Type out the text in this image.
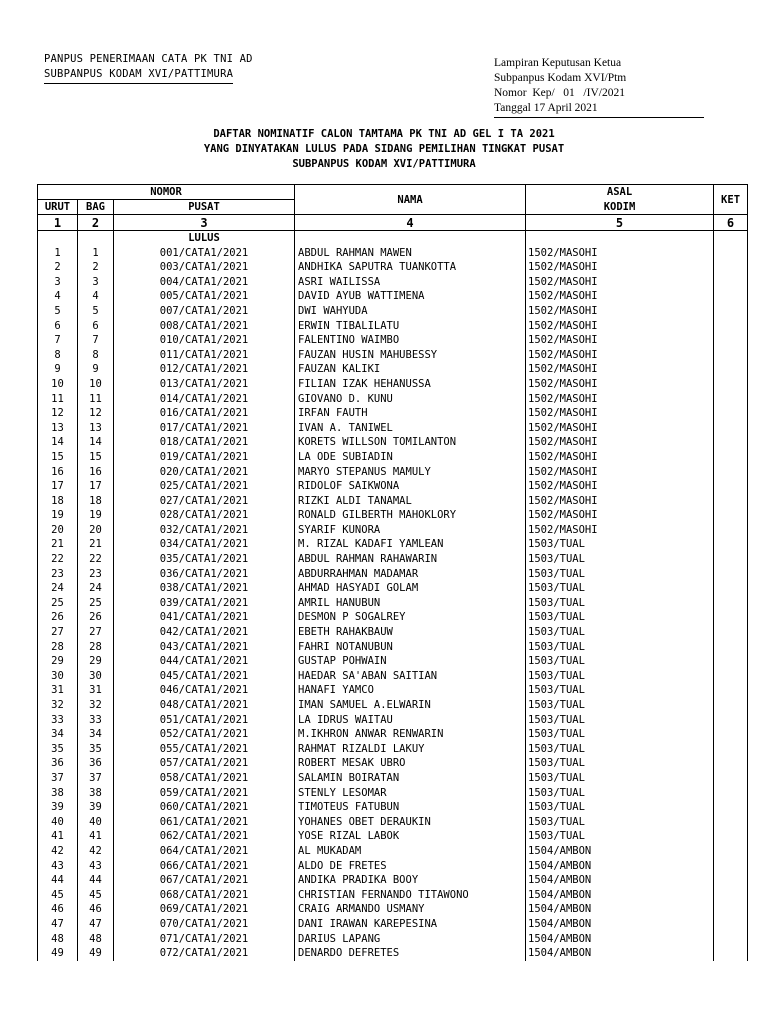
PANPUS PENERIMAAN CATA PK TNI AD
SUBPANPUS KODAM XVI/PATTIMURA
Lampiran Keputusan Ketua
Subpanpus Kodam XVI/Ptm
Nomor  Kep/   01   /IV/2021
Tanggal 17 April 2021
DAFTAR NOMINATIF CALON TAMTAMA PK TNI AD GEL I TA 2021
YANG DINYATAKAN LULUS PADA SIDANG PEMILIHAN TINGKAT PUSAT
SUBPANPUS KODAM XVI/PATTIMURA
NOMOR			NAMA	ASAL	KET
URUT	BAG	PUSAT		KODIM	
1	2	3	4	5	6
		LULUS			
1	1	001/CATA1/2021	ABDUL RAHMAN MAWEN	1502/MASOHI	
2	2	003/CATA1/2021	ANDHIKA SAPUTRA TUANKOTTA	1502/MASOHI	
3	3	004/CATA1/2021	ASRI WAILISSA	1502/MASOHI	
4	4	005/CATA1/2021	DAVID AYUB WATTIMENA	1502/MASOHI	
5	5	007/CATA1/2021	DWI WAHYUDA	1502/MASOHI	
6	6	008/CATA1/2021	ERWIN TIBALILATU	1502/MASOHI	
7	7	010/CATA1/2021	FALENTINO WAIMBO	1502/MASOHI	
8	8	011/CATA1/2021	FAUZAN HUSIN MAHUBESSY	1502/MASOHI	
9	9	012/CATA1/2021	FAUZAN KALIKI	1502/MASOHI	
10	10	013/CATA1/2021	FILIAN IZAK HEHANUSSA	1502/MASOHI	
11	11	014/CATA1/2021	GIOVANO D. KUNU	1502/MASOHI	
12	12	016/CATA1/2021	IRFAN FAUTH	1502/MASOHI	
13	13	017/CATA1/2021	IVAN A. TANIWEL	1502/MASOHI	
14	14	018/CATA1/2021	KORETS WILLSON TOMILANTON	1502/MASOHI	
15	15	019/CATA1/2021	LA ODE SUBIADIN	1502/MASOHI	
16	16	020/CATA1/2021	MARYO STEPANUS MAMULY	1502/MASOHI	
17	17	025/CATA1/2021	RIDOLOF SAIKWONA	1502/MASOHI	
18	18	027/CATA1/2021	RIZKI ALDI TANAMAL	1502/MASOHI	
19	19	028/CATA1/2021	RONALD GILBERTH MAHOKLORY	1502/MASOHI	
20	20	032/CATA1/2021	SYARIF KUNORA	1502/MASOHI	
21	21	034/CATA1/2021	M. RIZAL KADAFI YAMLEAN	1503/TUAL	
22	22	035/CATA1/2021	ABDUL RAHMAN RAHAWARIN	1503/TUAL	
23	23	036/CATA1/2021	ABDURRAHMAN MADAMAR	1503/TUAL	
24	24	038/CATA1/2021	AHMAD HASYADI GOLAM	1503/TUAL	
25	25	039/CATA1/2021	AMRIL HANUBUN	1503/TUAL	
26	26	041/CATA1/2021	DESMON P SOGALREY	1503/TUAL	
27	27	042/CATA1/2021	EBETH RAHAKBAUW	1503/TUAL	
28	28	043/CATA1/2021	FAHRI NOTANUBUN	1503/TUAL	
29	29	044/CATA1/2021	GUSTAP POHWAIN	1503/TUAL	
30	30	045/CATA1/2021	HAEDAR SA'ABAN SAITIAN	1503/TUAL	
31	31	046/CATA1/2021	HANAFI YAMCO	1503/TUAL	
32	32	048/CATA1/2021	IMAN SAMUEL A.ELWARIN	1503/TUAL	
33	33	051/CATA1/2021	LA IDRUS WAITAU	1503/TUAL	
34	34	052/CATA1/2021	M.IKHRON ANWAR RENWARIN	1503/TUAL	
35	35	055/CATA1/2021	RAHMAT RIZALDI LAKUY	1503/TUAL	
36	36	057/CATA1/2021	ROBERT MESAK UBRO	1503/TUAL	
37	37	058/CATA1/2021	SALAMIN BOIRATAN	1503/TUAL	
38	38	059/CATA1/2021	STENLY LESOMAR	1503/TUAL	
39	39	060/CATA1/2021	TIMOTEUS FATUBUN	1503/TUAL	
40	40	061/CATA1/2021	YOHANES OBET DERAUKIN	1503/TUAL	
41	41	062/CATA1/2021	YOSE RIZAL LABOK	1503/TUAL	
42	42	064/CATA1/2021	AL MUKADAM	1504/AMBON	
43	43	066/CATA1/2021	ALDO DE FRETES	1504/AMBON	
44	44	067/CATA1/2021	ANDIKA PRADIKA BOOY	1504/AMBON	
45	45	068/CATA1/2021	CHRISTIAN FERNANDO TITAWONO	1504/AMBON	
46	46	069/CATA1/2021	CRAIG ARMANDO USMANY	1504/AMBON	
47	47	070/CATA1/2021	DANI IRAWAN KAREPESINA	1504/AMBON	
48	48	071/CATA1/2021	DARIUS LAPANG	1504/AMBON	
49	49	072/CATA1/2021	DENARDO DEFRETES	1504/AMBON	
